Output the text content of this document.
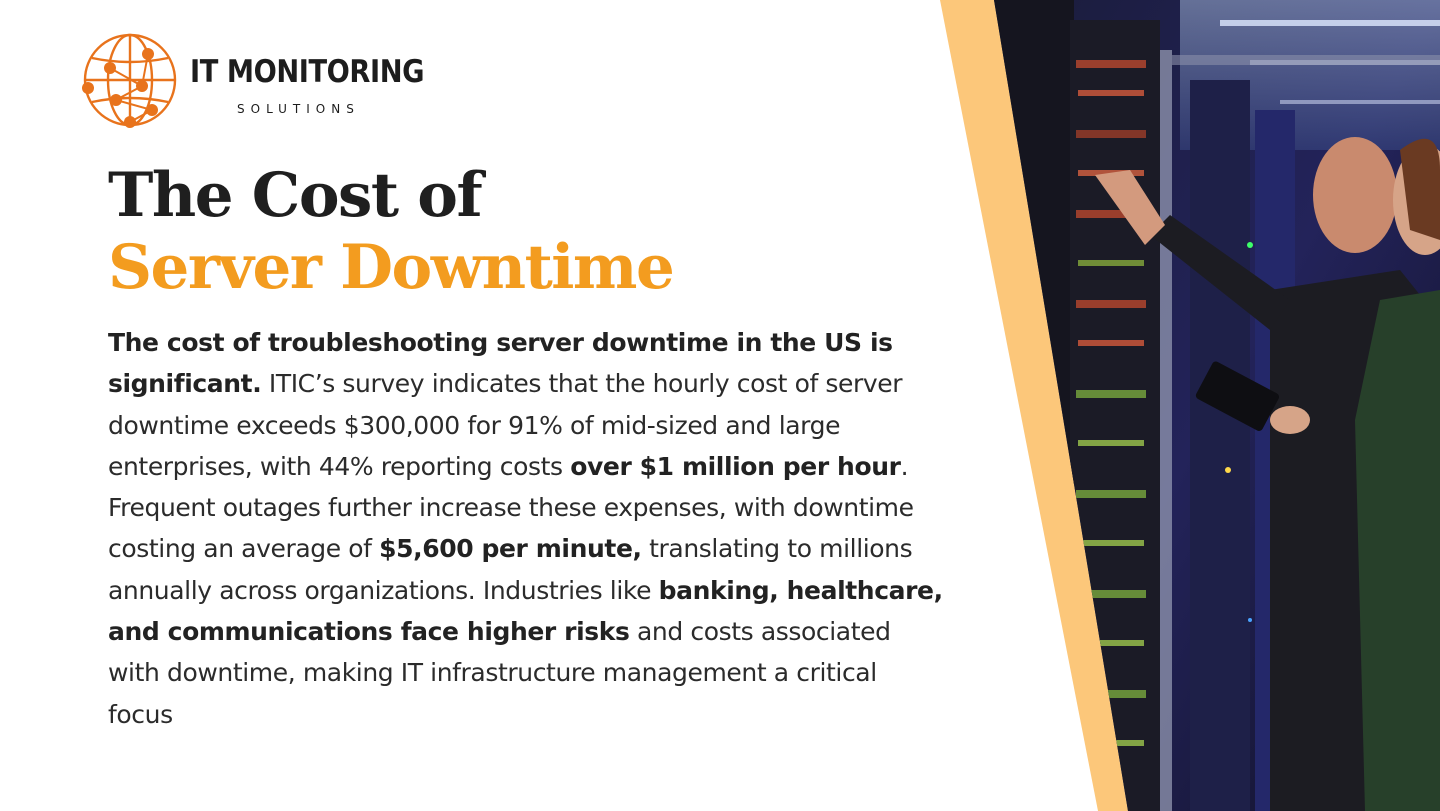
IT MONITORING
SOLUTIONS
The Cost of
Server Downtime

The cost of troubleshooting server downtime in the US is significant. ITIC’s survey indicates that the hourly cost of server downtime exceeds $300,000 for 91% of mid-sized and large enterprises, with 44% reporting costs over $1 million per hour. Frequent outages further increase these expenses, with downtime costing an average of $5,600 per minute, translating to millions annually across organizations. Industries like banking, healthcare, and communications face higher risks and costs associated with downtime, making IT infrastructure management a critical focus
